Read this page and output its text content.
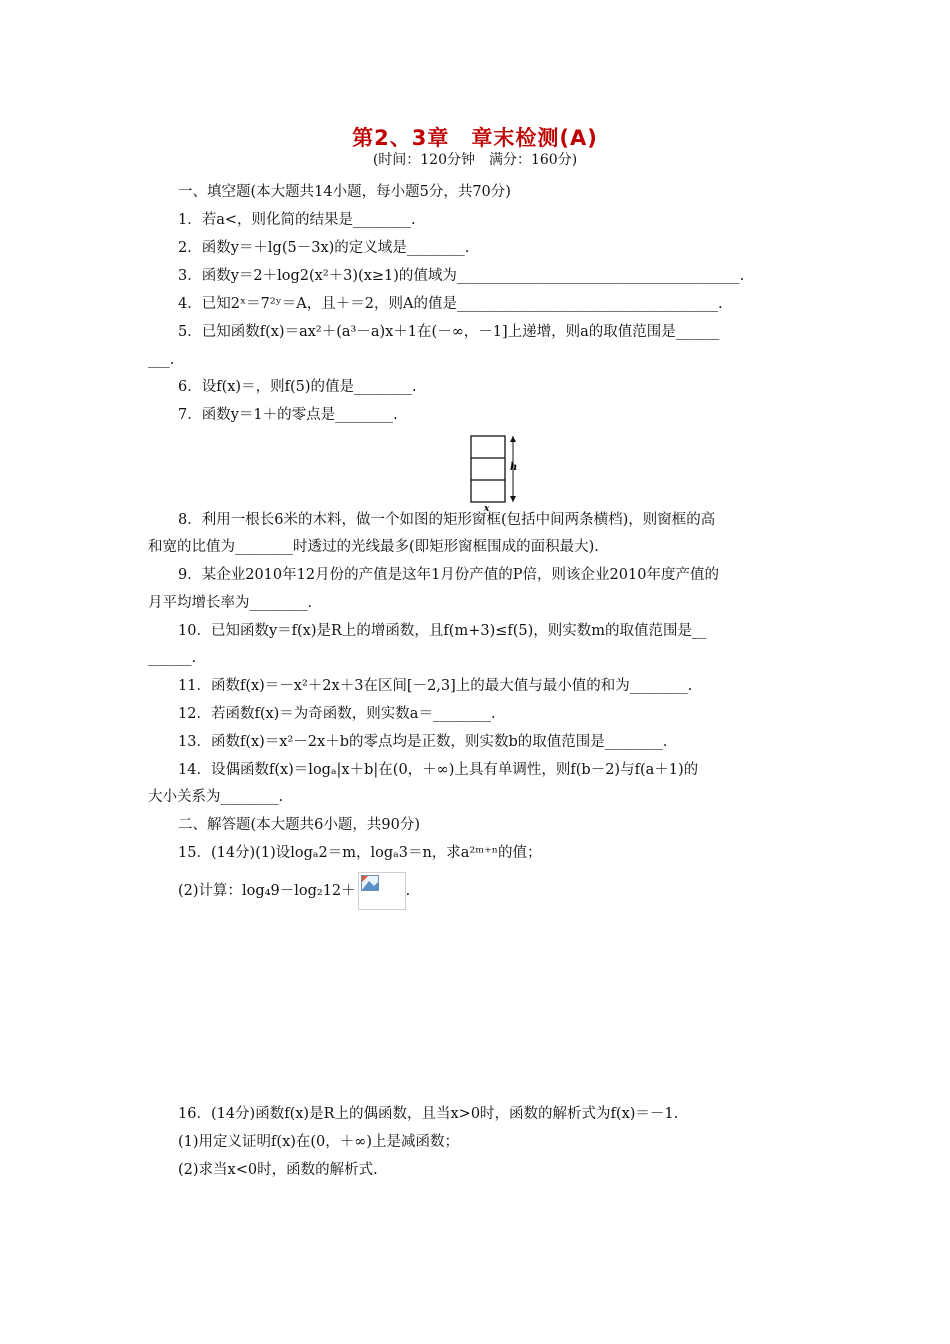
第2、3章　章末检测(A)
(时间：120分钟　满分：160分)
一、填空题(本大题共14小题，每小题5分，共70分)
1．若a<，则化简的结果是________.
2．函数y＝＋lg(5－3x)的定义域是________.
3．函数y＝2＋log2(x²＋3)(x≥1)的值域为_______________________________________.
4．已知2ˣ＝7²ʸ＝A，且＋＝2，则A的值是____________________________________.
5．已知函数f(x)＝ax²＋(a³－a)x＋1在(－∞，－1]上递增，则a的取值范围是______
___.
6．设f(x)＝，则f(5)的值是________.
7．函数y＝1＋的零点是________.
h
x
8．利用一根长6米的木料，做一个如图的矩形窗框(包括中间两条横档)，则窗框的高
和宽的比值为________时透过的光线最多(即矩形窗框围成的面积最大).
9．某企业2010年12月份的产值是这年1月份产值的P倍，则该企业2010年度产值的
月平均增长率为________.
10．已知函数y＝f(x)是R上的增函数，且f(m+3)≤f(5)，则实数m的取值范围是__
______.
11．函数f(x)＝－x²＋2x＋3在区间[－2,3]上的最大值与最小值的和为________.
12．若函数f(x)＝为奇函数，则实数a＝________.
13．函数f(x)＝x²－2x＋b的零点均是正数，则实数b的取值范围是________.
14．设偶函数f(x)＝logₐ|x＋b|在(0，＋∞)上具有单调性，则f(b－2)与f(a＋1)的
大小关系为________.
二、解答题(本大题共6小题，共90分)
15．(14分)(1)设logₐ2＝m，logₐ3＝n，求a²ᵐ⁺ⁿ的值；
(2)计算：log₄9－log₂12＋	.
16．(14分)函数f(x)是R上的偶函数，且当x>0时，函数的解析式为f(x)＝－1.
(1)用定义证明f(x)在(0，＋∞)上是减函数；
(2)求当x<0时，函数的解析式.
